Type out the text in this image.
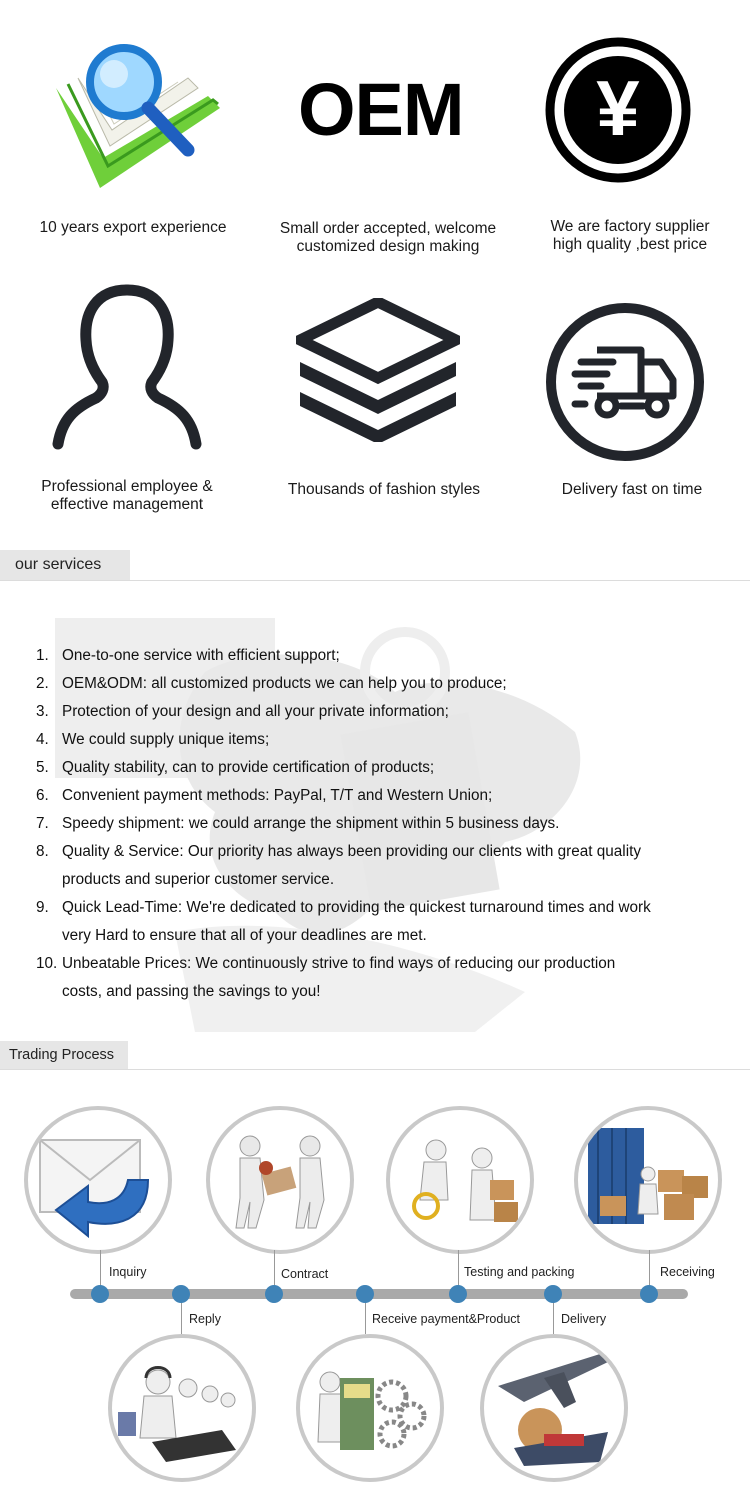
10 years export experience
OEM
Small order accepted, welcome
customized design making
¥
We are factory supplier
high quality ,best price
Professional employee &
effective management
Thousands of fashion styles	Delivery fast on time
our services
1. One-to-one service with efficient support;
2. OEM&ODM: all customized products we can help you to produce;
3. Protection of your design and all your private information;
4. We could supply unique items;
5. Quality stability, can to provide certification of products;
6. Convenient payment methods: PayPal, T/T and Western Union;
7. Speedy shipment: we could arrange the shipment within 5 business days.
8. Quality & Service: Our priority has always been providing our clients with great quality
products and superior customer service.
9. Quick Lead-Time: We're dedicated to providing the quickest turnaround times and work
very Hard to ensure that all of your deadlines are met.
10. Unbeatable Prices: We continuously strive to find ways of reducing our production
costs, and passing the savings to you!
Trading Process
Inquiry
Reply
Contract
Receive payment&Product
Testing and packing
Delivery
Receiving
